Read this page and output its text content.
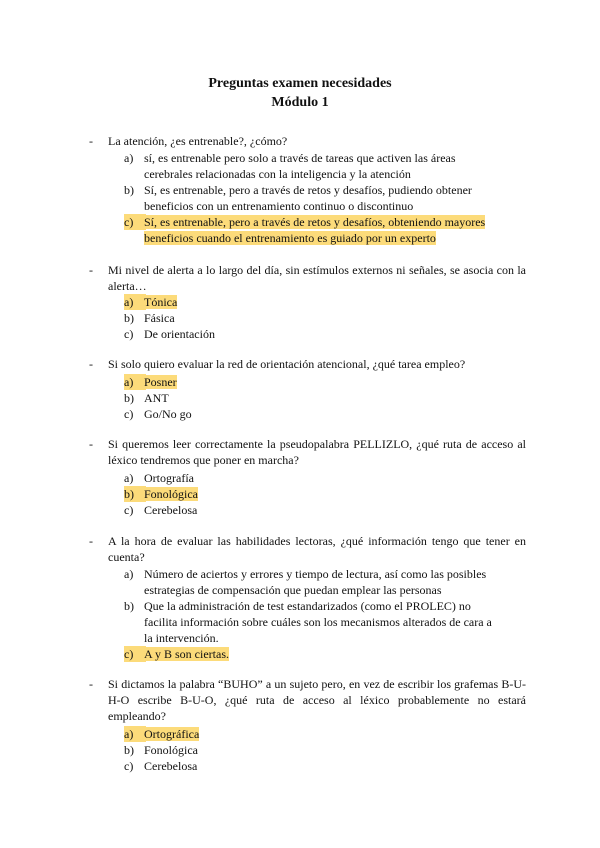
Preguntas examen necesidades
Módulo 1
- La atención, ¿es entrenable?, ¿cómo?
a) sí, es entrenable pero solo a través de tareas que activen las áreas cerebrales relacionadas con la inteligencia y la atención
b) Sí, es entrenable, pero a través de retos y desafíos, pudiendo obtener beneficios con un entrenamiento continuo o discontinuo
c) Sí, es entrenable, pero a través de retos y desafíos, obteniendo mayores beneficios cuando el entrenamiento es guiado por un experto
- Mi nivel de alerta a lo largo del día, sin estímulos externos ni señales, se asocia con la alerta…
a) Tónica
b) Fásica
c) De orientación
- Si solo quiero evaluar la red de orientación atencional, ¿qué tarea empleo?
a) Posner
b) ANT
c) Go/No go
- Si queremos leer correctamente la pseudopalabra PELLIZLO, ¿qué ruta de acceso al léxico tendremos que poner en marcha?
a) Ortografía
b) Fonológica
c) Cerebelosa
- A la hora de evaluar las habilidades lectoras, ¿qué información tengo que tener en cuenta?
a) Número de aciertos y errores y tiempo de lectura, así como las posibles estrategias de compensación que puedan emplear las personas
b) Que la administración de test estandarizados (como el PROLEC) no facilita información sobre cuáles son los mecanismos alterados de cara a la intervención.
c) A y B son ciertas.
- Si dictamos la palabra “BUHO” a un sujeto pero, en vez de escribir los grafemas B-U-H-O escribe B-U-O, ¿qué ruta de acceso al léxico probablemente no estará empleando?
a) Ortográfica
b) Fonológica
c) Cerebelosa
